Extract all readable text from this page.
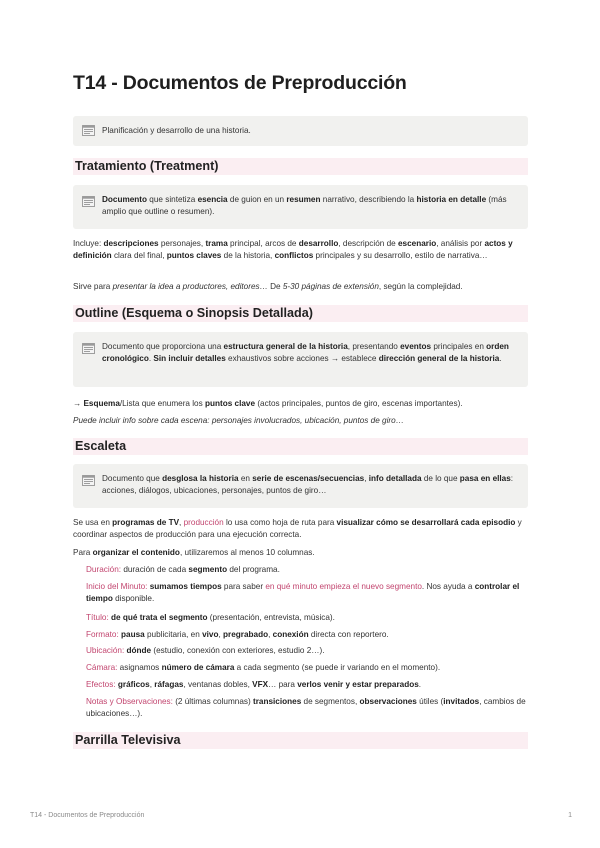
T14 - Documentos de Preproducción
Planificación y desarrollo de una historia.
Tratamiento (Treatment)
Documento que sintetiza esencia de guion en un resumen narrativo, describiendo la historia en detalle (más amplio que outline o resumen).
Incluye: descripciones personajes, trama principal, arcos de desarrollo, descripción de escenario, análisis por actos y definición clara del final, puntos claves de la historia, conflictos principales y su desarrollo, estilo de narrativa…
Sirve para presentar la idea a productores, editores… De 5-30 páginas de extensión, según la complejidad.
Outline (Esquema o Sinopsis Detallada)
Documento que proporciona una estructura general de la historia, presentando eventos principales en orden cronológico. Sin incluir detalles exhaustivos sobre acciones → establece dirección general de la historia.
→ Esquema/Lista que enumera los puntos clave (actos principales, puntos de giro, escenas importantes).
Puede incluir info sobre cada escena: personajes involucrados, ubicación, puntos de giro…
Escaleta
Documento que desglosa la historia en serie de escenas/secuencias, info detallada de lo que pasa en ellas: acciones, diálogos, ubicaciones, personajes, puntos de giro…
Se usa en programas de TV, producción lo usa como hoja de ruta para visualizar cómo se desarrollará cada episodio y coordinar aspectos de producción para una ejecución correcta.
Para organizar el contenido, utilizaremos al menos 10 columnas.
Duración: duración de cada segmento del programa.
Inicio del Minuto: sumamos tiempos para saber en qué minuto empieza el nuevo segmento. Nos ayuda a controlar el tiempo disponible.
Título: de qué trata el segmento (presentación, entrevista, música).
Formato: pausa publicitaria, en vivo, pregrabado, conexión directa con reportero.
Ubicación: dónde (estudio, conexión con exteriores, estudio 2…).
Cámara: asignamos número de cámara a cada segmento (se puede ir variando en el momento).
Efectos: gráficos, ráfagas, ventanas dobles, VFX… para verlos venir y estar preparados.
Notas y Observaciones: (2 últimas columnas) transiciones de segmentos, observaciones útiles (invitados, cambios de ubicaciones…).
Parrilla Televisiva
T14 - Documentos de Preproducción	1
